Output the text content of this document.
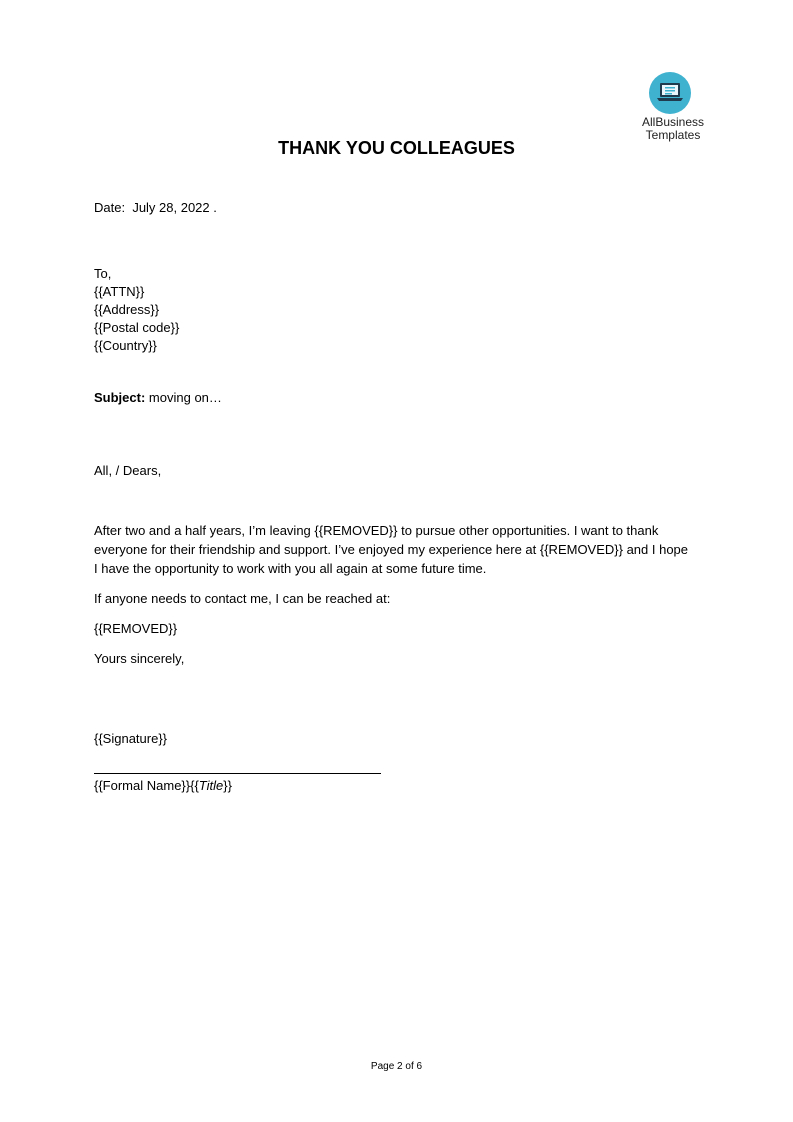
AllBusiness
Templates
THANK YOU COLLEAGUES
Date: July 28, 2022 .
To,
{{ATTN}}
{{Address}}
{{Postal code}}
{{Country}}
Subject: moving on…
All, / Dears,
After two and a half years, I’m leaving {{REMOVED}} to pursue other opportunities. I want to thank everyone for their friendship and support. I’ve enjoyed my experience here at {{REMOVED}} and I hope I have the opportunity to work with you all again at some future time.
If anyone needs to contact me, I can be reached at:
{{REMOVED}}
Yours sincerely,
{{Signature}}
{{Formal Name}}{{Title}}
Page 2 of 6
